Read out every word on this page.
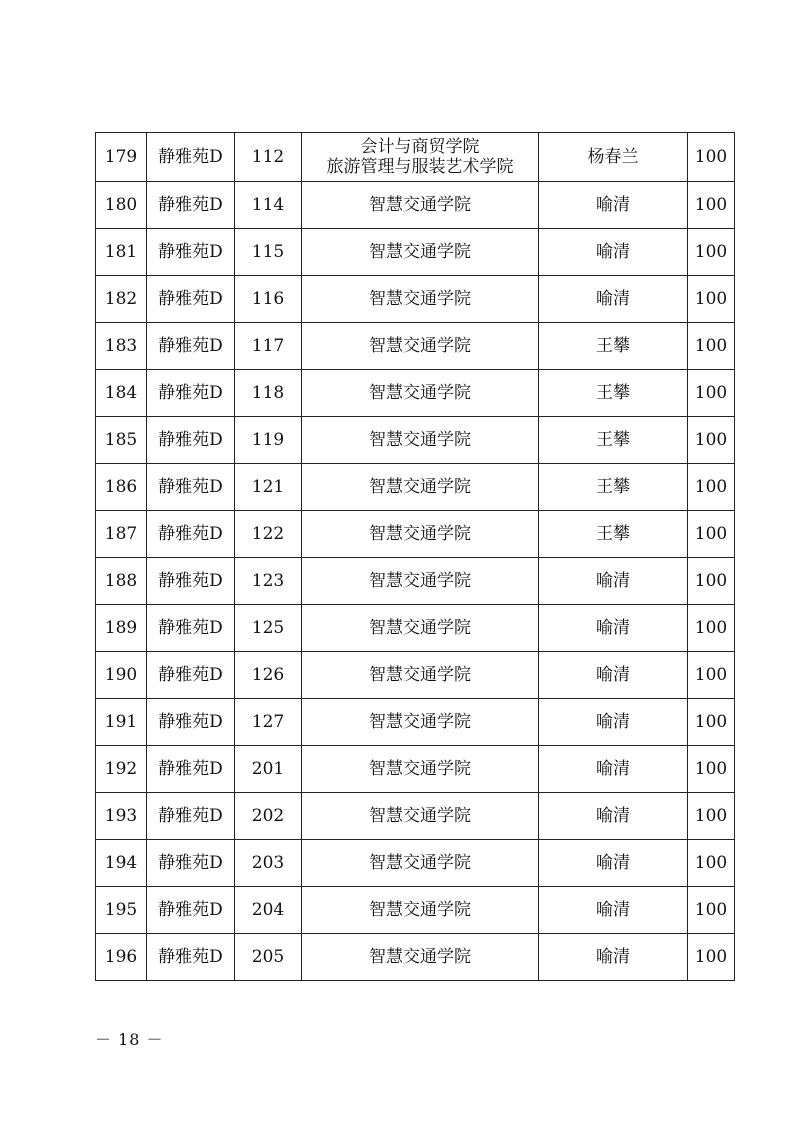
179	静雅苑D	112	会计与商贸学院
旅游管理与服装艺术学院	杨春兰	100
180	静雅苑D	114	智慧交通学院	喻清	100
181	静雅苑D	115	智慧交通学院	喻清	100
182	静雅苑D	116	智慧交通学院	喻清	100
183	静雅苑D	117	智慧交通学院	王攀	100
184	静雅苑D	118	智慧交通学院	王攀	100
185	静雅苑D	119	智慧交通学院	王攀	100
186	静雅苑D	121	智慧交通学院	王攀	100
187	静雅苑D	122	智慧交通学院	王攀	100
188	静雅苑D	123	智慧交通学院	喻清	100
189	静雅苑D	125	智慧交通学院	喻清	100
190	静雅苑D	126	智慧交通学院	喻清	100
191	静雅苑D	127	智慧交通学院	喻清	100
192	静雅苑D	201	智慧交通学院	喻清	100
193	静雅苑D	202	智慧交通学院	喻清	100
194	静雅苑D	203	智慧交通学院	喻清	100
195	静雅苑D	204	智慧交通学院	喻清	100
196	静雅苑D	205	智慧交通学院	喻清	100
－ 18 －
